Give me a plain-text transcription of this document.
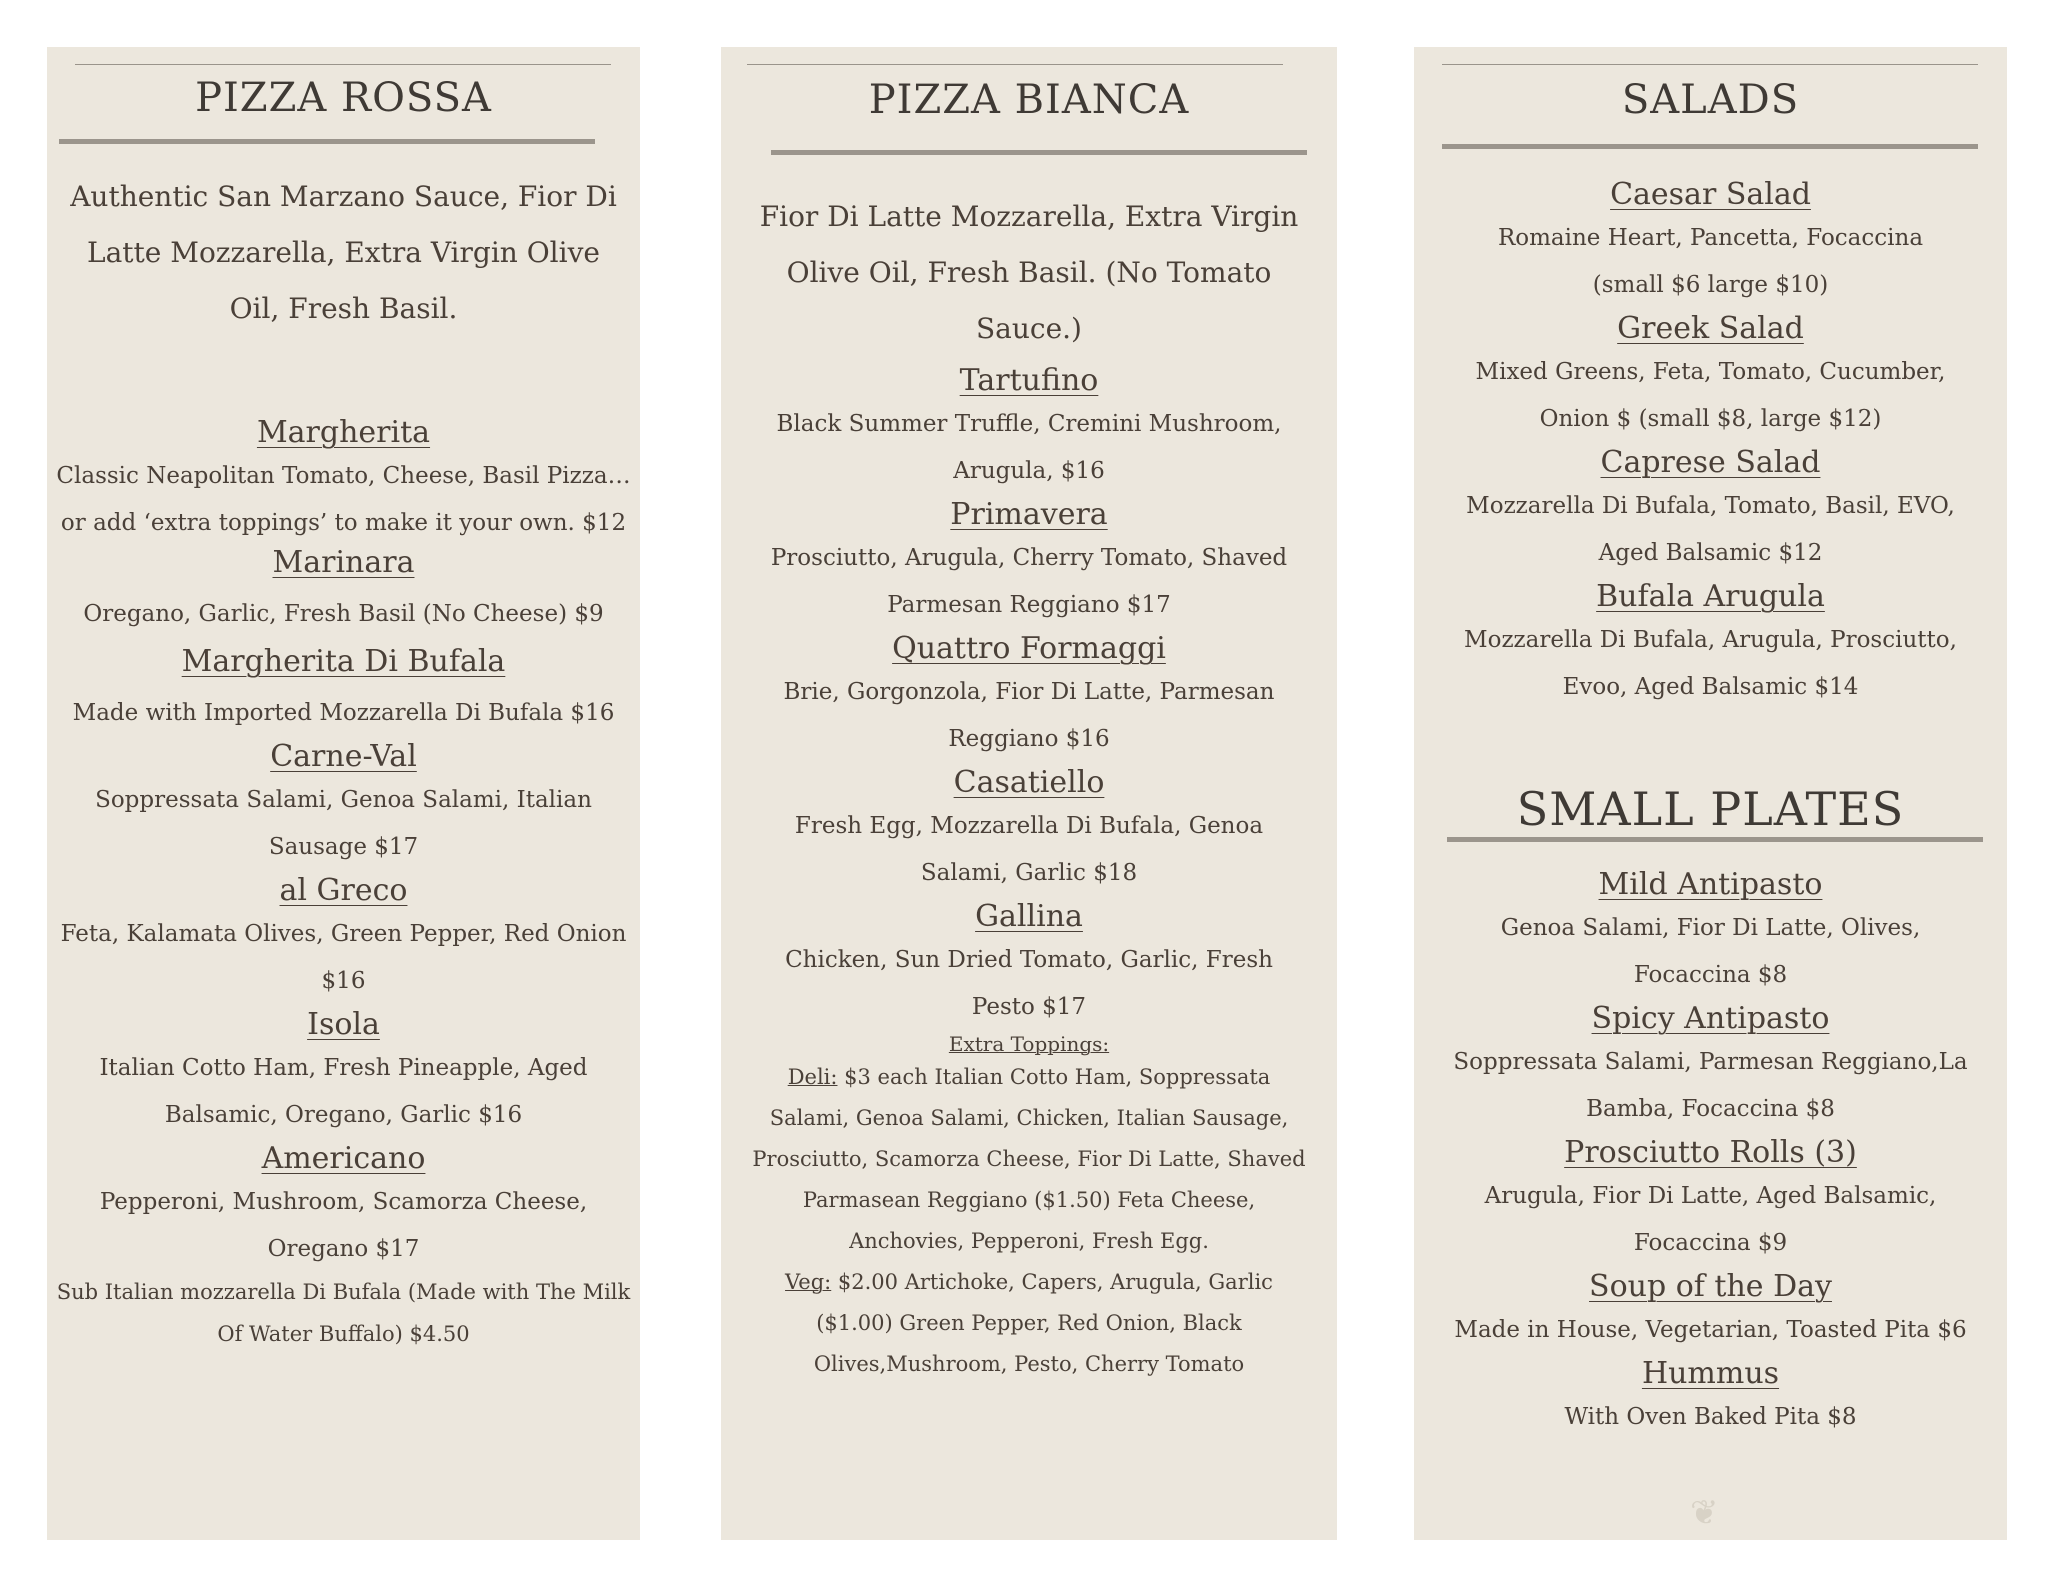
PIZZA ROSSA

Authentic San Marzano Sauce, Fior Di Latte Mozzarella, Extra Virgin Olive Oil, Fresh Basil.

Margherita

Classic Neapolitan Tomato, Cheese, Basil Pizza…or add ‘extra toppings’ to make it your own. $12

Marinara

Oregano, Garlic, Fresh Basil (No Cheese) $9

Margherita Di Bufala

Made with Imported Mozzarella Di Bufala $16

Carne-Val

Soppressata Salami, Genoa Salami, Italian Sausage $17

al Greco

Feta, Kalamata Olives, Green Pepper, Red Onion $16

Isola

Italian Cotto Ham, Fresh Pineapple, Aged Balsamic, Oregano, Garlic $16

Americano

Pepperoni, Mushroom, Scamorza Cheese, Oregano $17

Sub Italian mozzarella Di Bufala (Made with The Milk Of Water Buffalo) $4.50

PIZZA BIANCA

Fior Di Latte Mozzarella, Extra Virgin Olive Oil, Fresh Basil. (No Tomato Sauce.)

Tartufino

Black Summer Truffle, Cremini Mushroom, Arugula, $16

Primavera

Prosciutto, Arugula, Cherry Tomato, Shaved Parmesan Reggiano $17

Quattro Formaggi

Brie, Gorgonzola, Fior Di Latte, Parmesan Reggiano $16

Casatiello

Fresh Egg, Mozzarella Di Bufala, Genoa Salami, Garlic $18

Gallina

Chicken, Sun Dried Tomato, Garlic, Fresh Pesto $17

Extra Toppings:

Deli: $3 each Italian Cotto Ham, Soppressata Salami, Genoa Salami, Chicken, Italian Sausage, Prosciutto, Scamorza Cheese, Fior Di Latte, Shaved Parmasean Reggiano ($1.50) Feta Cheese, Anchovies, Pepperoni, Fresh Egg.

Veg: $2.00 Artichoke, Capers, Arugula, Garlic ($1.00) Green Pepper, Red Onion, Black Olives,Mushroom, Pesto, Cherry Tomato

SALADS
Caesar Salad

Romaine Heart, Pancetta, Focaccina (small $6 large $10)

Greek Salad

Mixed Greens, Feta, Tomato, Cucumber, Onion $ (small $8, large $12)

Caprese Salad

Mozzarella Di Bufala, Tomato, Basil, EVO, Aged Balsamic $12

Bufala Arugula

Mozzarella Di Bufala, Arugula, Prosciutto, Evoo, Aged Balsamic $14

SMALL PLATES
Mild Antipasto

Genoa Salami, Fior Di Latte, Olives, Focaccina $8

Spicy Antipasto

Soppressata Salami, Parmesan Reggiano,La Bamba, Focaccina $8

Prosciutto Rolls (3)

Arugula, Fior Di Latte, Aged Balsamic, Focaccina $9

Soup of the Day

Made in House, Vegetarian, Toasted Pita $6

Hummus

With Oven Baked Pita $8

❦
